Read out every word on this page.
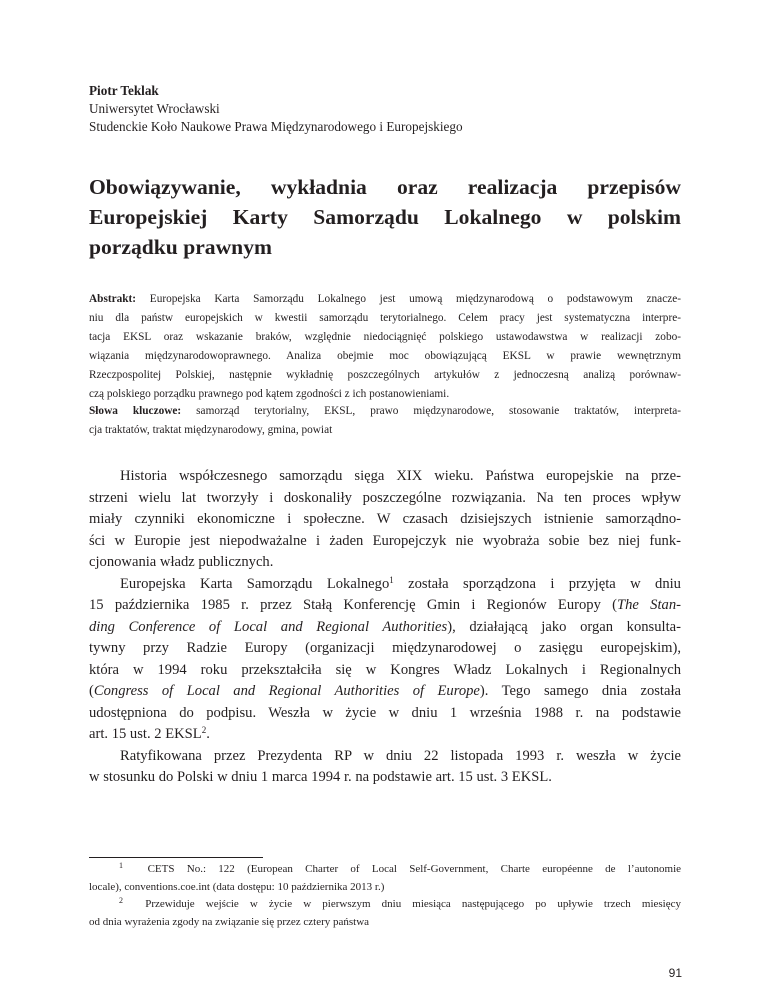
Piotr Teklak
Uniwersytet Wrocławski
Studenckie Koło Naukowe Prawa Międzynarodowego i Europejskiego
Obowiązywanie, wykładnia oraz realizacja przepisów
Europejskiej Karty Samorządu Lokalnego w polskim
porządku prawnym
Abstrakt: Europejska Karta Samorządu Lokalnego jest umową międzynarodową o podstawowym znacze-
niu dla państw europejskich w kwestii samorządu terytorialnego. Celem pracy jest systematyczna interpre-
tacja EKSL oraz wskazanie braków, względnie niedociągnięć polskiego ustawodawstwa w realizacji zobo-
wiązania międzynarodowoprawnego. Analiza obejmie moc obowiązującą EKSL w prawie wewnętrznym
Rzeczpospolitej Polskiej, następnie wykładnię poszczególnych artykułów z jednoczesną analizą porównaw-
czą polskiego porządku prawnego pod kątem zgodności z ich postanowieniami.
Słowa kluczowe: samorząd terytorialny, EKSL, prawo międzynarodowe, stosowanie traktatów, interpreta-
cja traktatów, traktat międzynarodowy, gmina, powiat
Historia współczesnego samorządu sięga XIX wieku. Państwa europejskie na prze-
strzeni wielu lat tworzyły i doskonaliły poszczególne rozwiązania. Na ten proces wpływ
miały czynniki ekonomiczne i społeczne. W czasach dzisiejszych istnienie samorządno-
ści w Europie jest niepodważalne i żaden Europejczyk nie wyobraża sobie bez niej funk-
cjonowania władz publicznych.
Europejska Karta Samorządu Lokalnego$^1$ została sporządzona i przyjęta w dniu
15 października 1985 r. przez Stałą Konferencję Gmin i Regionów Europy (The Stan-
ding Conference of Local and Regional Authorities), działającą jako organ konsulta-
tywny przy Radzie Europy (organizacji międzynarodowej o zasięgu europejskim),
która w 1994 roku przekształciła się w Kongres Władz Lokalnych i Regionalnych
(Congress of Local and Regional Authorities of Europe). Tego samego dnia została
udostępniona do podpisu. Weszła w życie w dniu 1 września 1988 r. na podstawie
art. 15 ust. 2 EKSL$^2$.
Ratyfikowana przez Prezydenta RP w dniu 22 listopada 1993 r. weszła w życie
w stosunku do Polski w dniu 1 marca 1994 r. na podstawie art. 15 ust. 3 EKSL.
$^1$ CETS No.: 122 (European Charter of Local Self-Government, Charte européenne de l’autonomie
locale), conventions.coe.int (data dostępu: 10 października 2013 r.)
$^2$ Przewiduje wejście w życie w pierwszym dniu miesiąca następującego po upływie trzech miesięcy
od dnia wyrażenia zgody na związanie się przez cztery państwa
91
